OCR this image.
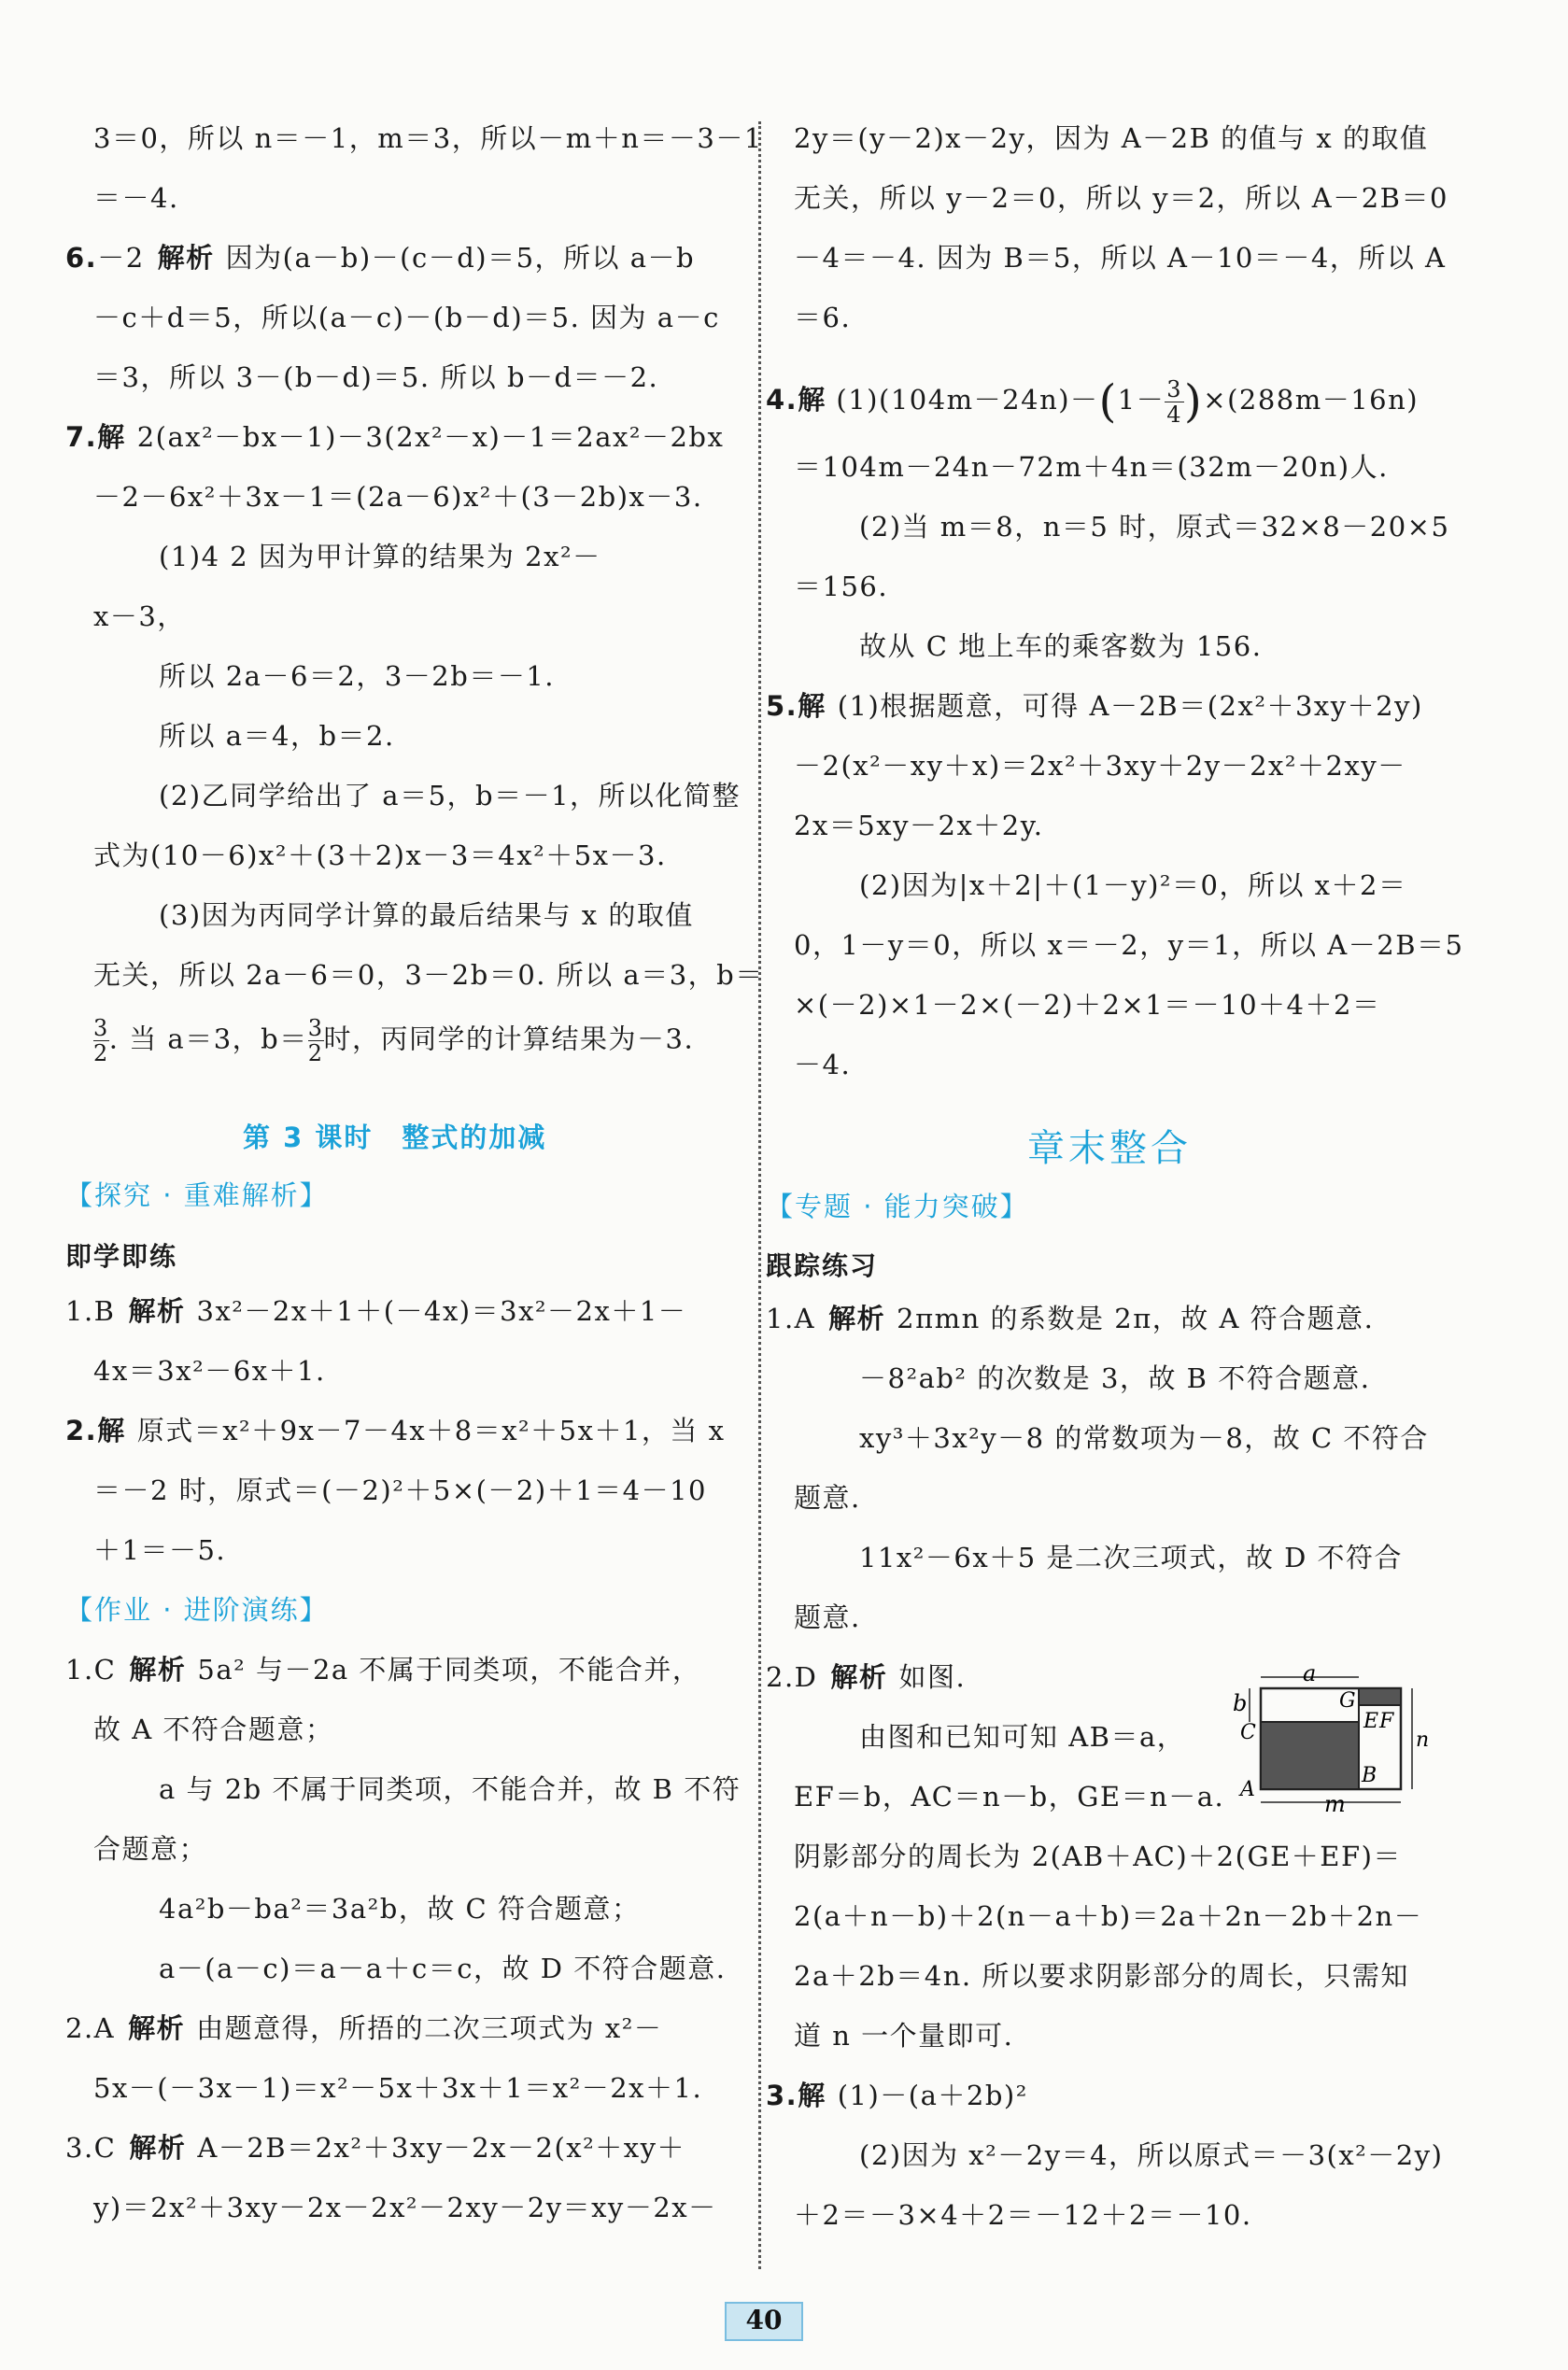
3＝0，所以 n＝－1，m＝3，所以－m＋n＝－3－1
＝－4.
6.－2 解析 因为(a－b)－(c－d)＝5，所以 a－b
－c＋d＝5，所以(a－c)－(b－d)＝5. 因为 a－c
＝3，所以 3－(b－d)＝5. 所以 b－d＝－2.
7.解 2(ax²－bx－1)－3(2x²－x)－1＝2ax²－2bx
－2－6x²＋3x－1＝(2a－6)x²＋(3－2b)x－3.
(1)4 2 因为甲计算的结果为 2x²－
x－3，
所以 2a－6＝2，3－2b＝－1.
所以 a＝4，b＝2.
(2)乙同学给出了 a＝5，b＝－1，所以化简整
式为(10－6)x²＋(3＋2)x－3＝4x²＋5x－3.
(3)因为丙同学计算的最后结果与 x 的取值
无关，所以 2a－6＝0，3－2b＝0. 所以 a＝3，b＝
$\frac{3}{2}$ . 当 a＝3，$b= \frac{3}{2}$ 时，丙同学的计算结果为－3.
第 3 课时　整式的加减
【探究 · 重难解析】
即学即练
1.B 解析 3x²－2x＋1＋(－4x)＝3x²－2x＋1－
4x＝3x²－6x＋1.
2.解 原式＝x²＋9x－7－4x＋8＝x²＋5x＋1，当 x
＝－2 时，原式＝(－2)²＋5×(－2)＋1＝4－10
＋1＝－5.
【作业 · 进阶演练】
1.C 解析 5a² 与－2a 不属于同类项，不能合并，
故 A 不符合题意；
a 与 2b 不属于同类项，不能合并，故 B 不符
合题意；
4a²b－ba²＝3a²b，故 C 符合题意；
a－(a－c)＝a－a＋c＝c，故 D 不符合题意.
2.A 解析 由题意得，所捂的二次三项式为 x²－
5x－(－3x－1)＝x²－5x＋3x＋1＝x²－2x＋1.
3.C 解析 A－2B＝2x²＋3xy－2x－2(x²＋xy＋
y)＝2x²＋3xy－2x－2x²－2xy－2y＝xy－2x－
2y＝(y－2)x－2y，因为 A－2B 的值与 x 的取值
无关，所以 y－2＝0，所以 y＝2，所以 A－2B＝0
－4＝－4. 因为 B＝5，所以 A－10＝－4，所以 A
＝6.
4.解 $(1)(104m-24n)-(1- \frac{3}{4} )\times(288m-16n)$
＝104m－24n－72m＋4n＝(32m－20n)人.
(2)当 m＝8，n＝5 时，原式＝32×8－20×5
＝156.
故从 C 地上车的乘客数为 156.
5.解 (1)根据题意，可得 A－2B＝(2x²＋3xy＋2y)
－2(x²－xy＋x)＝2x²＋3xy＋2y－2x²＋2xy－
2x＝5xy－2x＋2y.
(2)因为|x＋2|＋(1－y)²＝0，所以 x＋2＝
0，1－y＝0，所以 x＝－2，y＝1，所以 A－2B＝5
×(－2)×1－2×(－2)＋2×1＝－10＋4＋2＝
－4.
章末整合
【专题 · 能力突破】
跟踪练习
1.A 解析 2πmn 的系数是 2π，故 A 符合题意.
－8²ab² 的次数是 3，故 B 不符合题意.
xy³＋3x²y－8 的常数项为－8，故 C 不符合
题意.
11x²－6x＋5 是二次三项式，故 D 不符合
题意.
2.D 解析 如图.
由图和已知可知 AB＝a，
EF＝b，AC＝n－b，GE＝n－a.
a
b	G
E F
C	n
B
A
m
阴影部分的周长为 2(AB＋AC)＋2(GE＋EF)＝
2(a＋n－b)＋2(n－a＋b)＝2a＋2n－2b＋2n－
2a＋2b＝4n. 所以要求阴影部分的周长，只需知
道 n 一个量即可.
3.解 (1)－(a＋2b)²
(2)因为 x²－2y＝4，所以原式＝－3(x²－2y)
＋2＝－3×4＋2＝－12＋2＝－10.
40
